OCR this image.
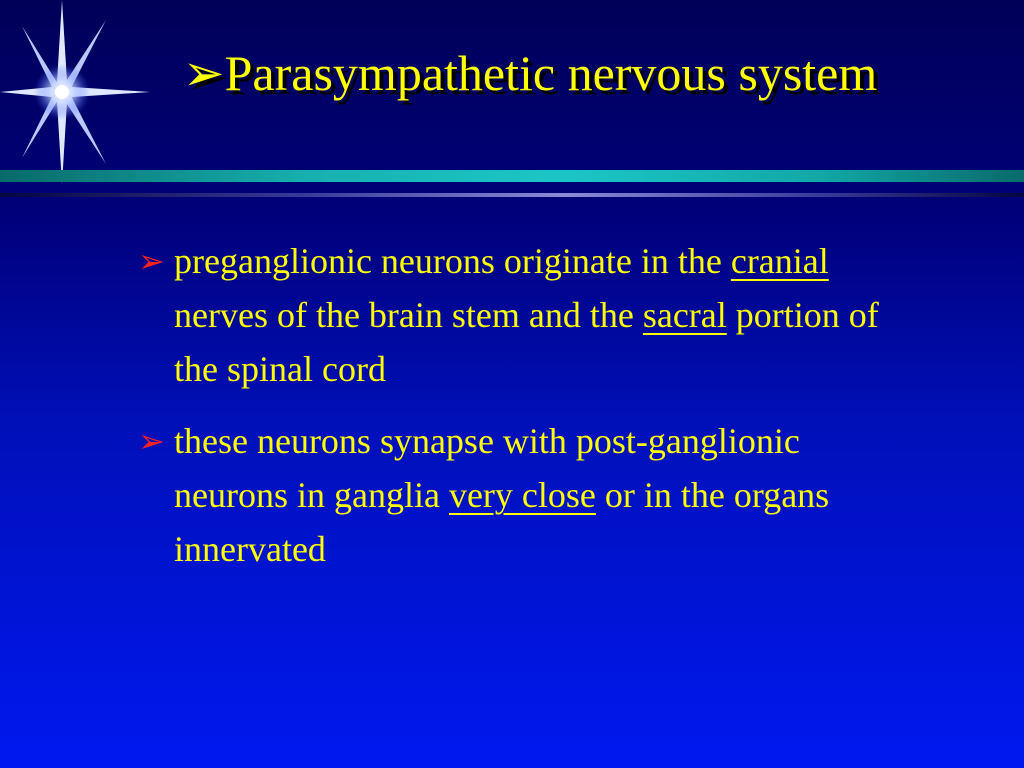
➢Parasympathetic nervous system
➢ preganglionic neurons originate in the cranial nerves of the brain stem and the sacral portion of the spinal cord
➢ these neurons synapse with post-ganglionic neurons in ganglia very close or in the organs innervated
